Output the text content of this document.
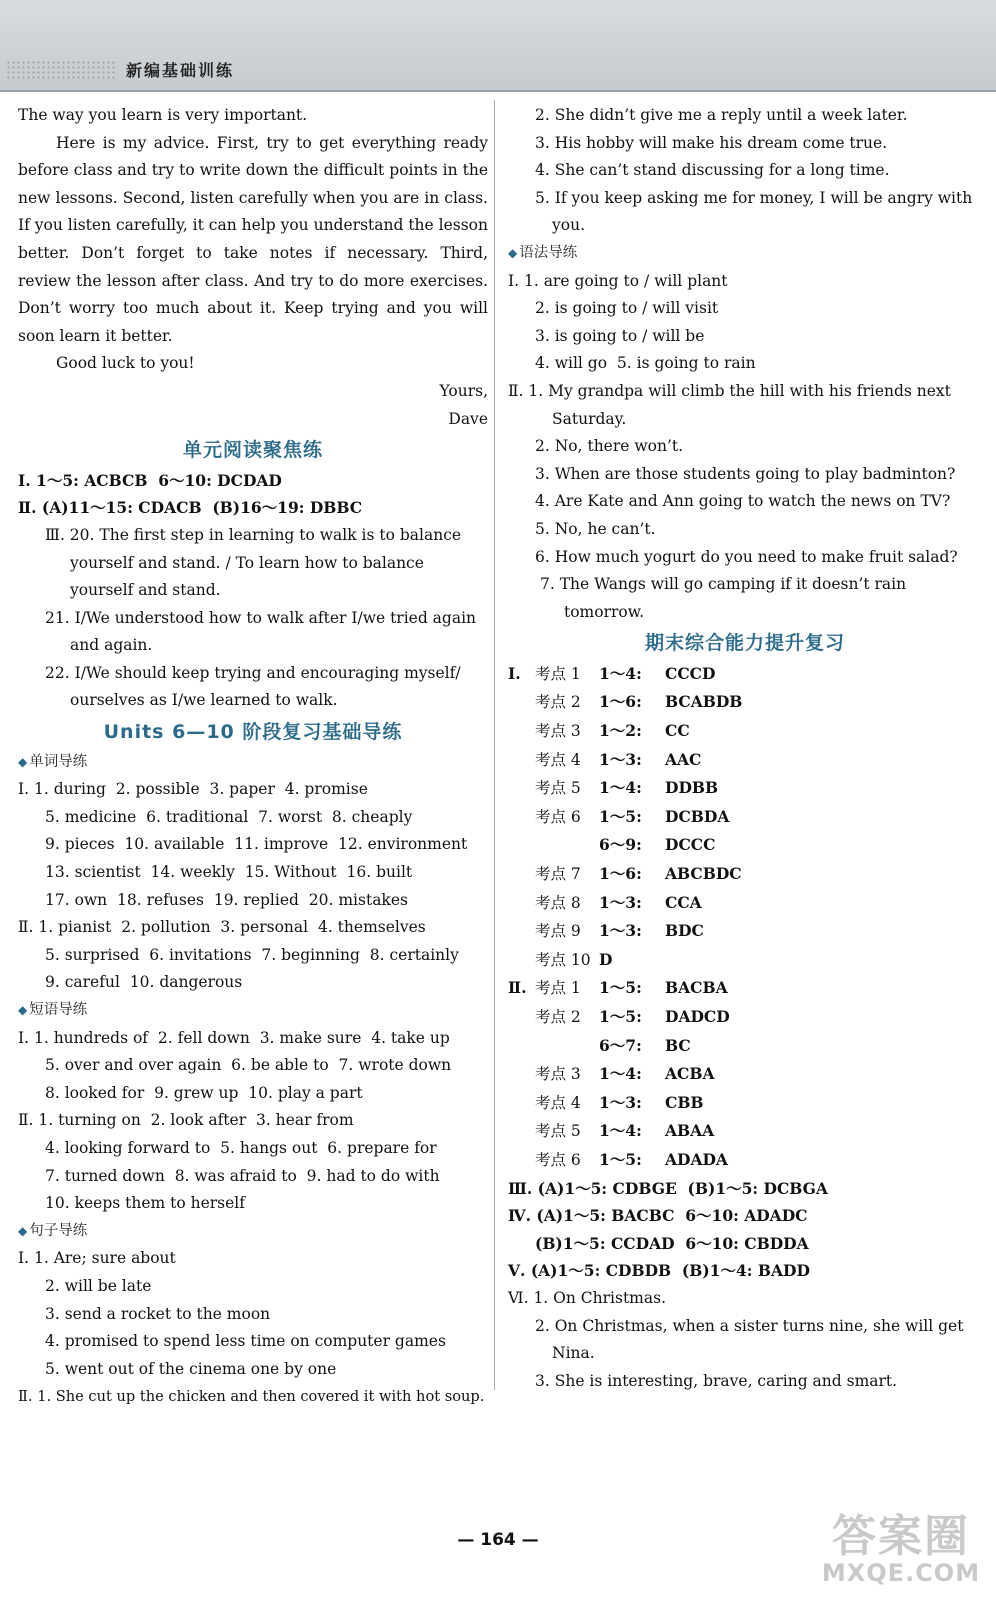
新编基础训练

The way you learn is very important.

Here is my advice. First, try to get everything ready before class and try to write down the difficult points in the new lessons. Second, listen carefully when you are in class. If you listen carefully, it can help you understand the lesson better. Don’t forget to take notes if necessary. Third, review the lesson after class. And try to do more exercises. Don’t worry too much about it. Keep trying and you will soon learn it better.

Good luck to you!

Yours,

Dave

单元阅读聚焦练
Ⅰ. 1～5: ACBCB  6～10: DCDAD
Ⅱ. (A)11～15: CDACB  (B)16～19: DBBC
Ⅲ. 20. The first step in learning to walk is to balance yourself and stand. / To learn how to balance yourself and stand.
21. I/We understood how to walk after I/we tried again and again.
22. I/We should keep trying and encouraging myself/ ourselves as I/we learned to walk.
Units 6—10 阶段复习基础导练
◆ 单词导练
Ⅰ. 1. during  2. possible  3. paper  4. promise
5. medicine  6. traditional  7. worst  8. cheaply
9. pieces  10. available  11. improve  12. environment
13. scientist  14. weekly  15. Without  16. built
17. own  18. refuses  19. replied  20. mistakes
Ⅱ. 1. pianist  2. pollution  3. personal  4. themselves
5. surprised  6. invitations  7. beginning  8. certainly
9. careful  10. dangerous
◆ 短语导练
Ⅰ. 1. hundreds of  2. fell down  3. make sure  4. take up
5. over and over again  6. be able to  7. wrote down
8. looked for  9. grew up  10. play a part
Ⅱ. 1. turning on  2. look after  3. hear from
4. looking forward to  5. hangs out  6. prepare for
7. turned down  8. was afraid to  9. had to do with
10. keeps them to herself
◆ 句子导练
Ⅰ. 1. Are; sure about
2. will be late
3. send a rocket to the moon
4. promised to spend less time on computer games
5. went out of the cinema one by one
Ⅱ. 1. She cut up the chicken and then covered it with hot soup.
2. She didn’t give me a reply until a week later.
3. His hobby will make his dream come true.
4. She can’t stand discussing for a long time.
5. If you keep asking me for money, I will be angry with you.
◆ 语法导练
Ⅰ. 1. are going to / will plant
2. is going to / will visit
3. is going to / will be
4. will go  5. is going to rain
Ⅱ. 1. My grandpa will climb the hill with his friends next Saturday.
2. No, there won’t.
3. When are those students going to play badminton?
4. Are Kate and Ann going to watch the news on TV?
5. No, he can’t.
6. How much yogurt do you need to make fruit salad?
7. The Wangs will go camping if it doesn’t rain tomorrow.
期末综合能力提升复习
Ⅰ. 考点 1 1～4: CCCD
考点 2 1～6: BCABDB
考点 3 1～2: CC
考点 4 1～3: AAC
考点 5 1～4: DDBB
考点 6 1～5: DCBDA
6～9: DCCC
考点 7 1～6: ABCBDC
考点 8 1～3: CCA
考点 9 1～3: BDC
考点 10 D
Ⅱ. 考点 1 1～5: BACBA
考点 2 1～5: DADCD
6～7: BC
考点 3 1～4: ACBA
考点 4 1～3: CBB
考点 5 1～4: ABAA
考点 6 1～5: ADADA
Ⅲ. (A)1～5: CDBGE  (B)1～5: DCBGA
Ⅳ. (A)1～5: BACBC  6～10: ADADC
(B)1～5: CCDAD  6～10: CBDDA
Ⅴ. (A)1～5: CDBDB  (B)1～4: BADD
Ⅵ. 1. On Christmas.
2. On Christmas, when a sister turns nine, she will get Nina.
3. She is interesting, brave, caring and smart.
— 164 —	答案圈
MXQE.COM
